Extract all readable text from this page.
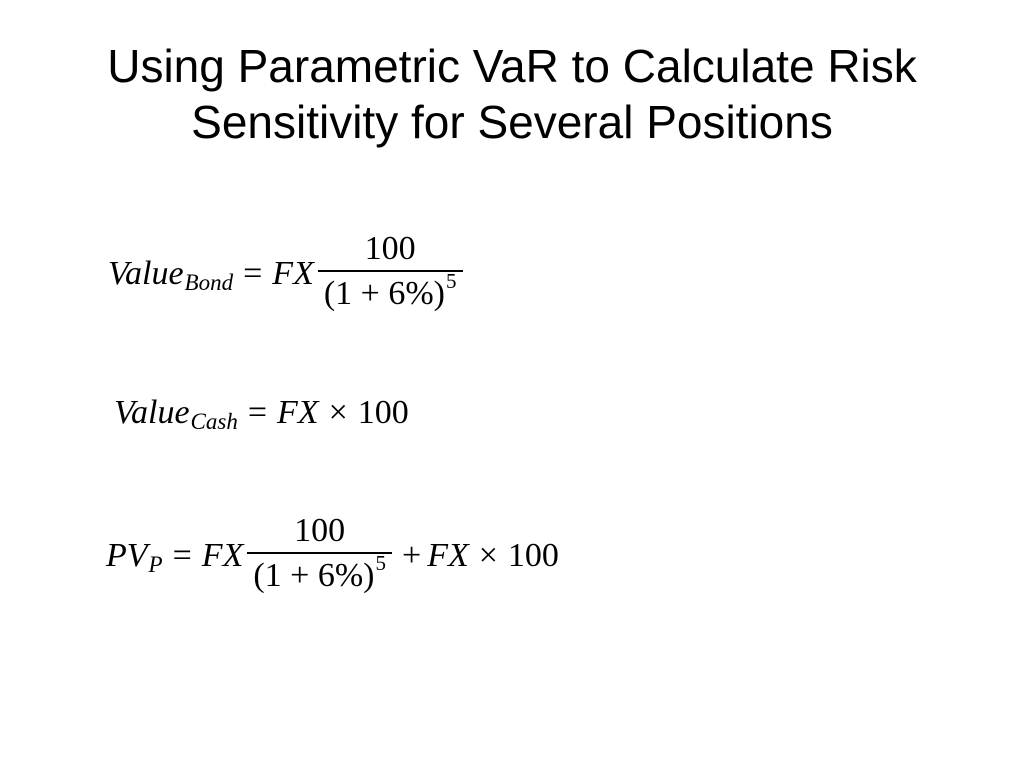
Using Parametric VaR to Calculate Risk
Sensitivity for Several Positions
Value Bond = FX $\frac{100}{(1 + 6\%)^5}$
Value Cash = FX × 100
PV P = FX $\frac{100}{(1 + 6\%)^5}$ + FX × 100
